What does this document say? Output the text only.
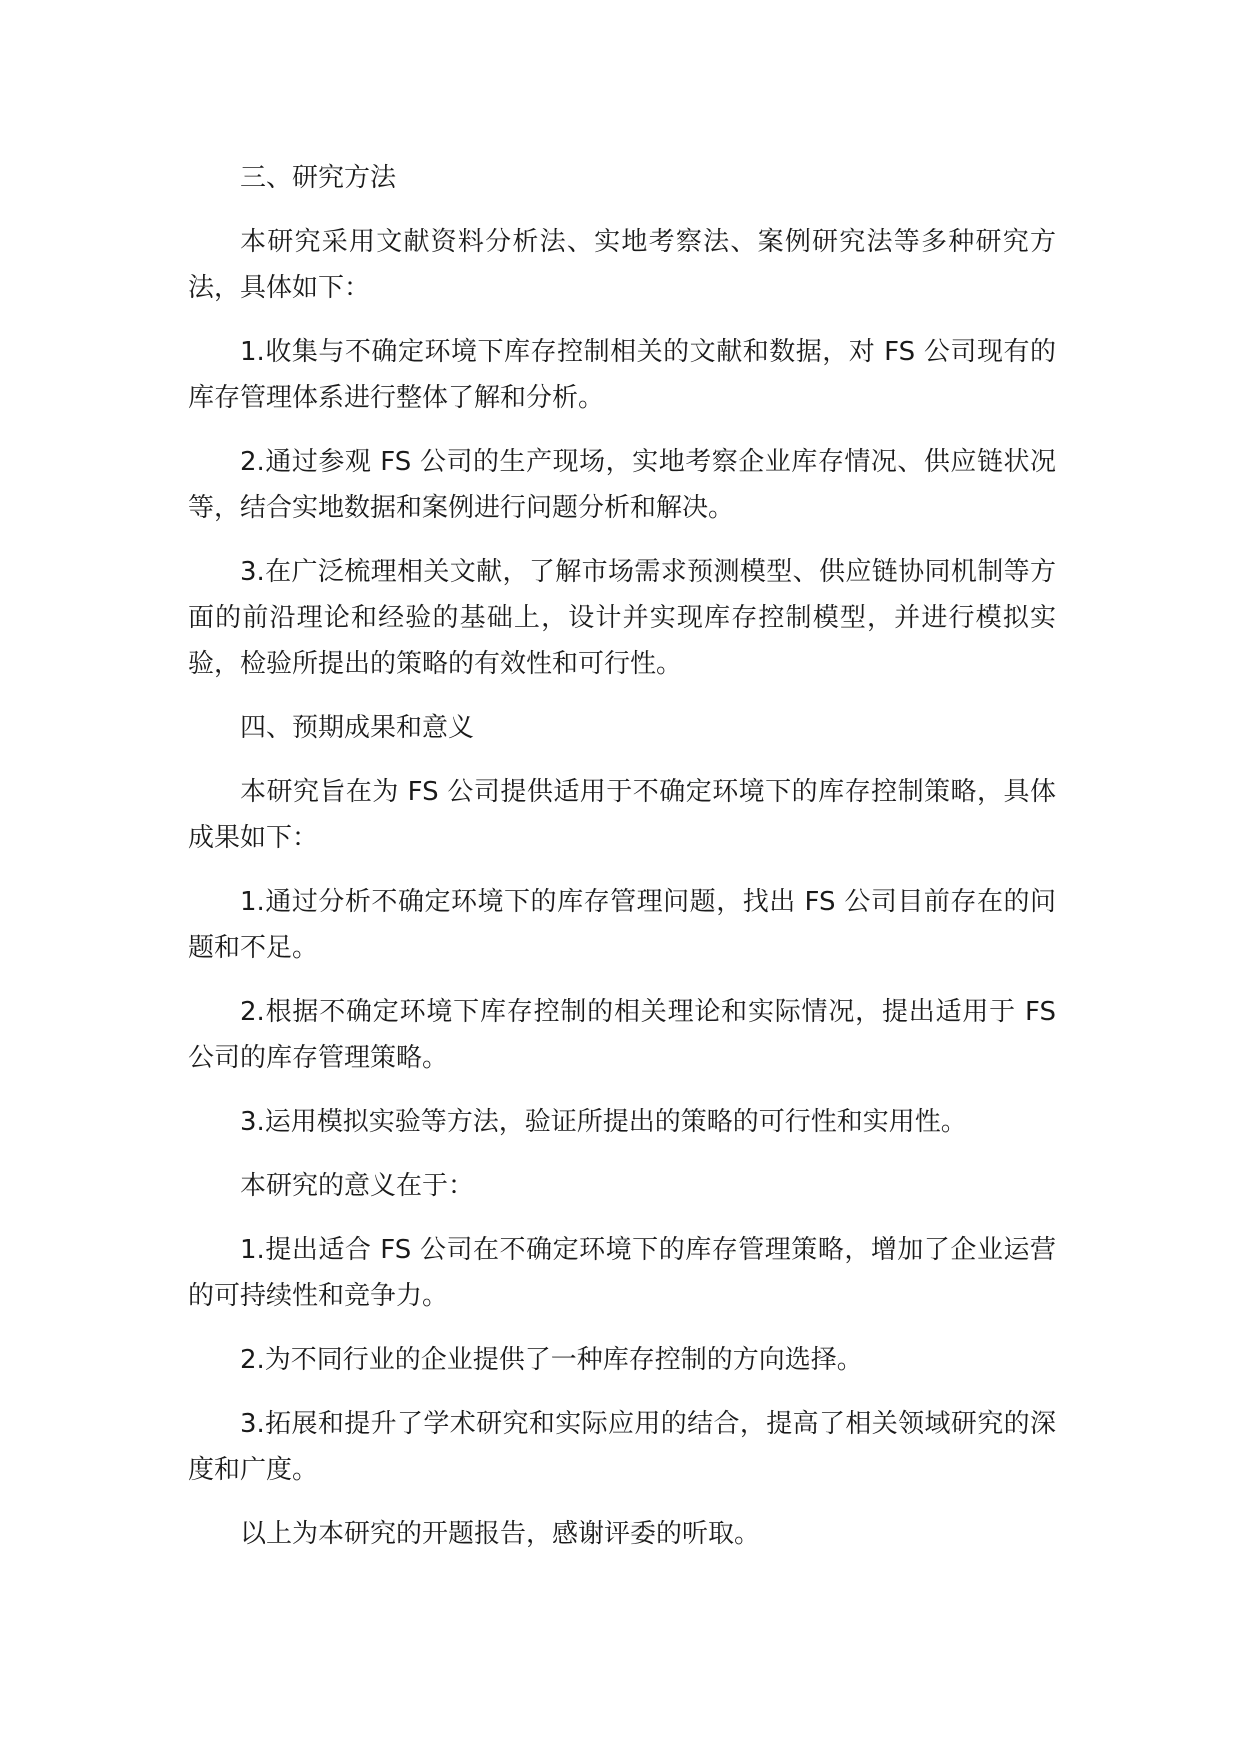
三、研究方法

本研究采用文献资料分析法、实地考察法、案例研究法等多种研究方法，具体如下：

1.收集与不确定环境下库存控制相关的文献和数据，对 FS 公司现有的库存管理体系进行整体了解和分析。

2.通过参观 FS 公司的生产现场，实地考察企业库存情况、供应链状况等，结合实地数据和案例进行问题分析和解决。

3.在广泛梳理相关文献，了解市场需求预测模型、供应链协同机制等方面的前沿理论和经验的基础上，设计并实现库存控制模型，并进行模拟实验，检验所提出的策略的有效性和可行性。

四、预期成果和意义

本研究旨在为 FS 公司提供适用于不确定环境下的库存控制策略，具体成果如下：

1.通过分析不确定环境下的库存管理问题，找出 FS 公司目前存在的问题和不足。

2.根据不确定环境下库存控制的相关理论和实际情况，提出适用于 FS 公司的库存管理策略。

3.运用模拟实验等方法，验证所提出的策略的可行性和实用性。

本研究的意义在于：

1.提出适合 FS 公司在不确定环境下的库存管理策略，增加了企业运营的可持续性和竞争力。

2.为不同行业的企业提供了一种库存控制的方向选择。

3.拓展和提升了学术研究和实际应用的结合，提高了相关领域研究的深度和广度。

以上为本研究的开题报告，感谢评委的听取。
